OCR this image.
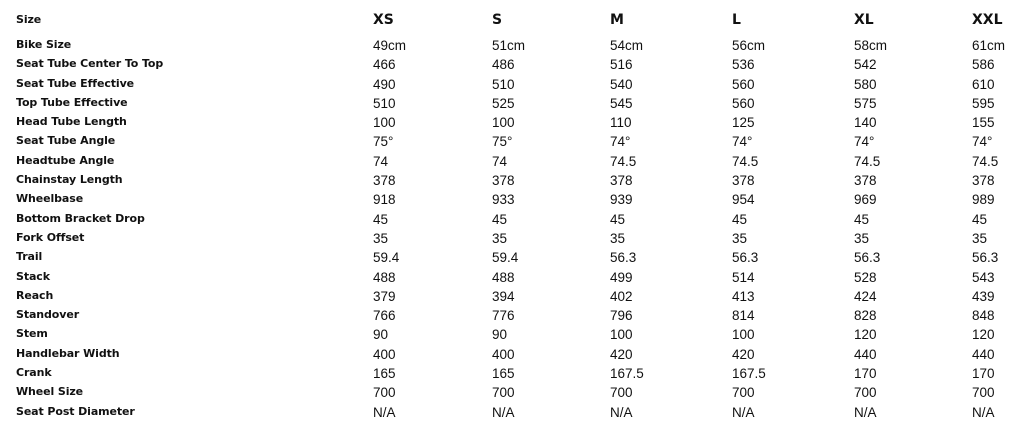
Size	XS	S	M	L	XL	XXL
Bike Size	49cm	51cm	54cm	56cm	58cm	61cm
Seat Tube Center To Top	466	486	516	536	542	586
Seat Tube Effective	490	510	540	560	580	610
Top Tube Effective	510	525	545	560	575	595
Head Tube Length	100	100	110	125	140	155
Seat Tube Angle	75°	75°	74°	74°	74°	74°
Headtube Angle	74	74	74.5	74.5	74.5	74.5
Chainstay Length	378	378	378	378	378	378
Wheelbase	918	933	939	954	969	989
Bottom Bracket Drop	45	45	45	45	45	45
Fork Offset	35	35	35	35	35	35
Trail	59.4	59.4	56.3	56.3	56.3	56.3
Stack	488	488	499	514	528	543
Reach	379	394	402	413	424	439
Standover	766	776	796	814	828	848
Stem	90	90	100	100	120	120
Handlebar Width	400	400	420	420	440	440
Crank	165	165	167.5	167.5	170	170
Wheel Size	700	700	700	700	700	700
Seat Post Diameter	N/A	N/A	N/A	N/A	N/A	N/A
